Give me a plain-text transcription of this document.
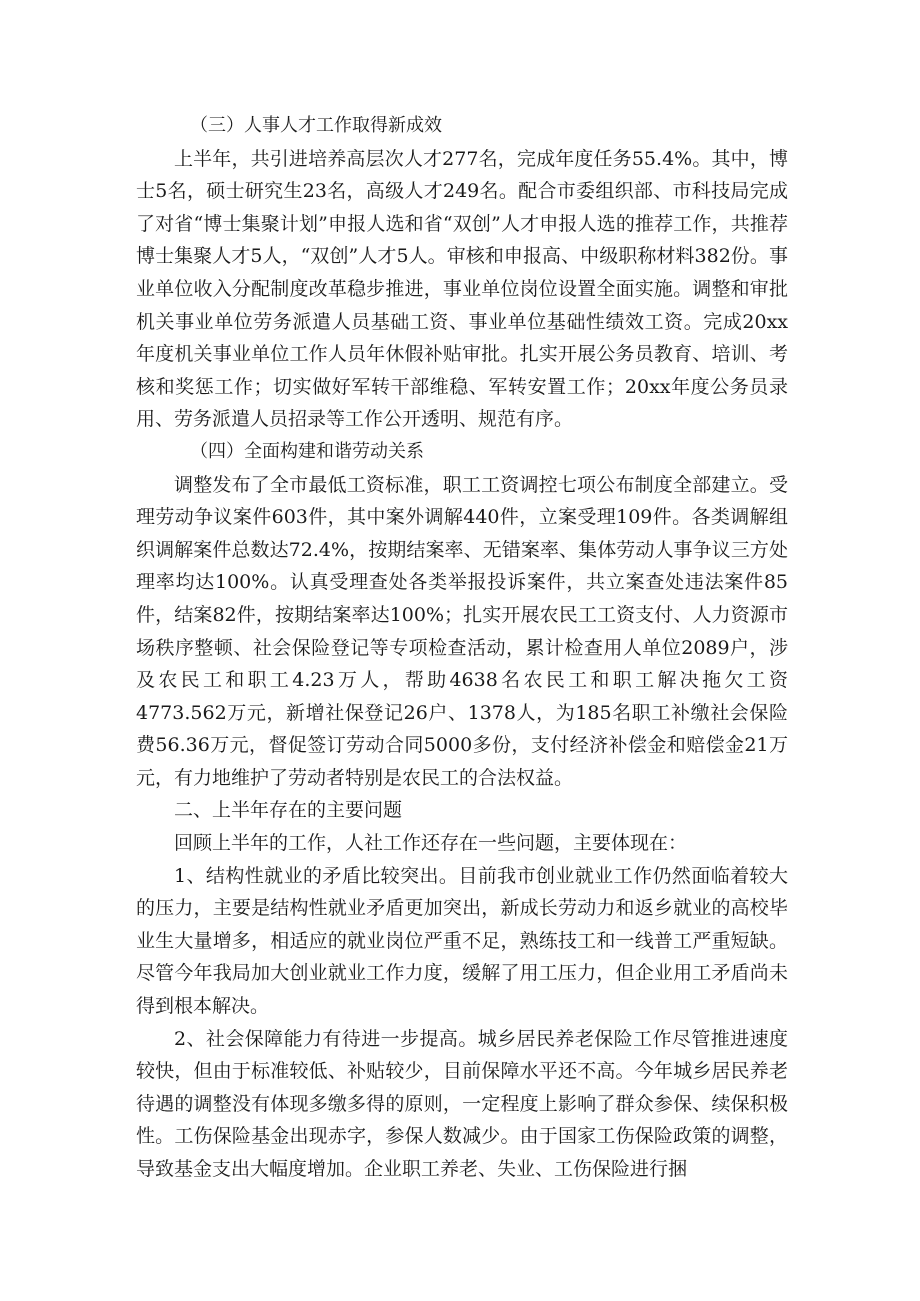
（三）人事人才工作取得新成效

上半年，共引进培养高层次人才277名，完成年度任务55.4%。其中，博士5名，硕士研究生23名，高级人才249名。配合市委组织部、市科技局完成了对省“博士集聚计划”申报人选和省“双创”人才申报人选的推荐工作，共推荐博士集聚人才5人，“双创”人才5人。审核和申报高、中级职称材料382份。事业单位收入分配制度改革稳步推进，事业单位岗位设置全面实施。调整和审批机关事业单位劳务派遣人员基础工资、事业单位基础性绩效工资。完成20xx年度机关事业单位工作人员年休假补贴审批。扎实开展公务员教育、培训、考核和奖惩工作；切实做好军转干部维稳、军转安置工作；20xx年度公务员录用、劳务派遣人员招录等工作公开透明、规范有序。

（四）全面构建和谐劳动关系

调整发布了全市最低工资标准，职工工资调控七项公布制度全部建立。受理劳动争议案件603件，其中案外调解440件，立案受理109件。各类调解组织调解案件总数达72.4%，按期结案率、无错案率、集体劳动人事争议三方处理率均达100%。认真受理查处各类举报投诉案件，共立案查处违法案件85件，结案82件，按期结案率达100%；扎实开展农民工工资支付、人力资源市场秩序整顿、社会保险登记等专项检查活动，累计检查用人单位2089户，涉及农民工和职工4.23万人，帮助4638名农民工和职工解决拖欠工资4773.562万元，新增社保登记26户、1378人，为185名职工补缴社会保险费56.36万元，督促签订劳动合同5000多份，支付经济补偿金和赔偿金21万元，有力地维护了劳动者特别是农民工的合法权益。

二、上半年存在的主要问题

回顾上半年的工作，人社工作还存在一些问题，主要体现在：

1、结构性就业的矛盾比较突出。目前我市创业就业工作仍然面临着较大的压力，主要是结构性就业矛盾更加突出，新成长劳动力和返乡就业的高校毕业生大量增多，相适应的就业岗位严重不足，熟练技工和一线普工严重短缺。尽管今年我局加大创业就业工作力度，缓解了用工压力，但企业用工矛盾尚未得到根本解决。

2、社会保障能力有待进一步提高。城乡居民养老保险工作尽管推进速度较快，但由于标准较低、补贴较少，目前保障水平还不高。今年城乡居民养老待遇的调整没有体现多缴多得的原则，一定程度上影响了群众参保、续保积极性。工伤保险基金出现赤字，参保人数减少。由于国家工伤保险政策的调整，导致基金支出大幅度增加。企业职工养老、失业、工伤保险进行捆
